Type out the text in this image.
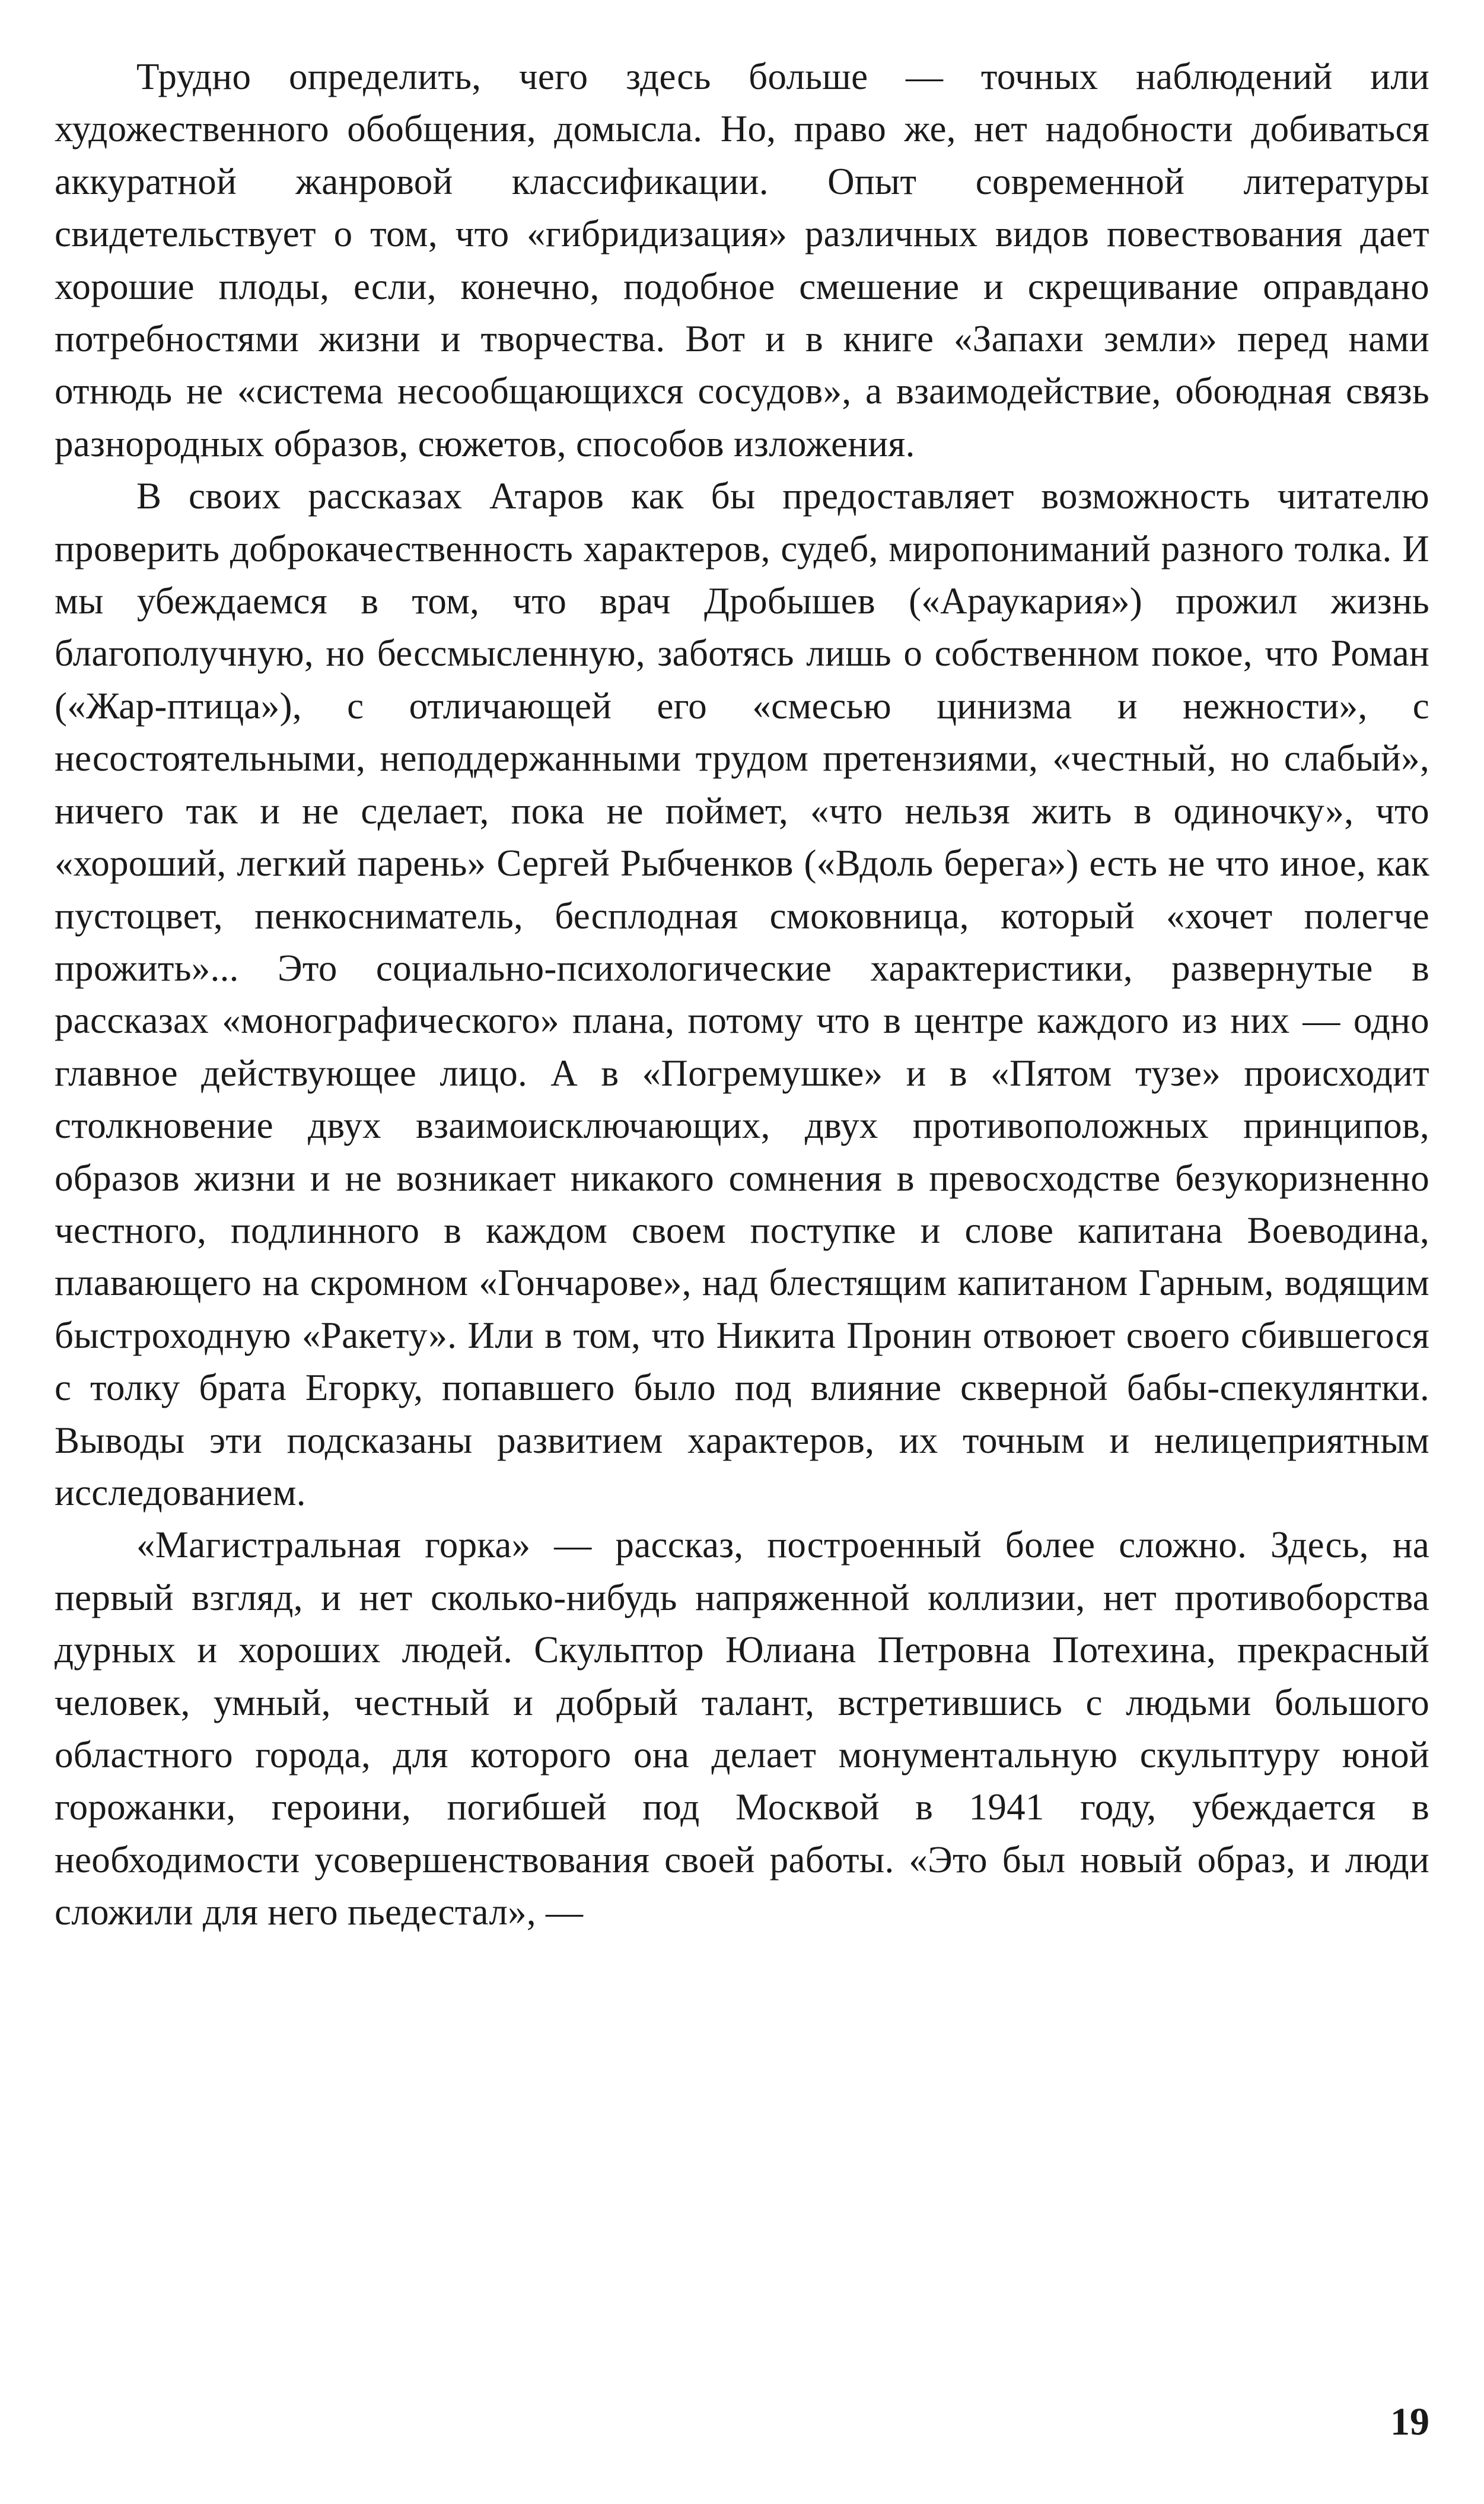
Трудно определить, чего здесь больше — точных наблюдений или художественного обобщения, домысла. Но, право же, нет надобности добиваться аккуратной жанровой классификации. Опыт современной литературы свидетельствует о том, что «гибридизация» различных видов повествования дает хорошие плоды, если, конечно, подобное смешение и скрещивание оправдано потребностями жизни и творчества. Вот и в книге «Запахи земли» перед нами отнюдь не «система несообщающихся сосудов», а взаимодействие, обоюдная связь разнородных образов, сюжетов, способов изложения.

В своих рассказах Атаров как бы предоставляет возможность читателю проверить доброкачественность характеров, судеб, миропониманий разного толка. И мы убеждаемся в том, что врач Дробышев («Араукария») прожил жизнь благополучную, но бессмысленную, заботясь лишь о собственном покое, что Роман («Жар-птица»), с отличающей его «смесью цинизма и нежности», с несостоятельными, неподдержанными трудом претензиями, «честный, но слабый», ничего так и не сделает, пока не поймет, «что нельзя жить в одиночку», что «хороший, легкий парень» Сергей Рыбченков («Вдоль берега») есть не что иное, как пустоцвет, пенкосниматель, бесплодная смоковница, который «хочет полегче прожить»... Это социально-психологические характеристики, развернутые в рассказах «монографического» плана, потому что в центре каждого из них — одно главное действующее лицо. А в «Погремушке» и в «Пятом тузе» происходит столкновение двух взаимоисключающих, двух противоположных принципов, образов жизни и не возникает никакого сомнения в превосходстве безукоризненно честного, подлинного в каждом своем поступке и слове капитана Воеводина, плавающего на скромном «Гончарове», над блестящим капитаном Гарным, водящим быстроходную «Ракету». Или в том, что Никита Пронин отвоюет своего сбившегося с толку брата Егорку, попавшего было под влияние скверной бабы-спекулянтки. Выводы эти подсказаны развитием характеров, их точным и нелицеприятным исследованием.

«Магистральная горка» — рассказ, построенный более сложно. Здесь, на первый взгляд, и нет сколько-нибудь напряженной коллизии, нет противоборства дурных и хороших людей. Скульптор Юлиана Петровна Потехина, прекрасный человек, умный, честный и добрый талант, встретившись с людьми большого областного города, для которого она делает монументальную скульптуру юной горожанки, героини, погибшей под Москвой в 1941 году, убеждается в необходимости усовершенствования своей работы. «Это был новый образ, и люди сложили для него пьедестал», —

19
